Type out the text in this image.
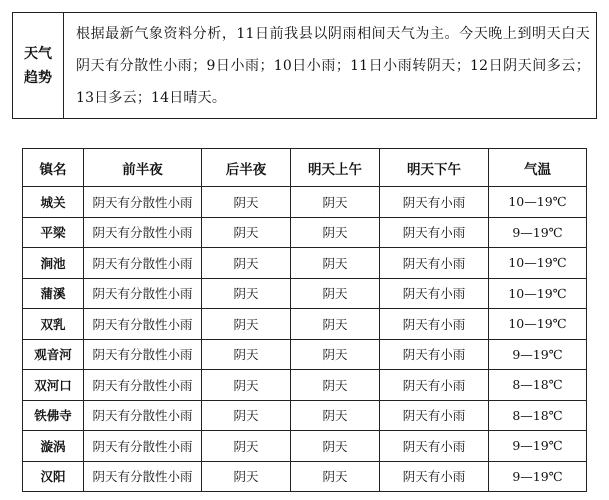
天气
趋势
	根据最新气象资料分析，11日前我县以阴雨相间天气为主。今天晚上到明天白天阴天有分散性小雨；9日小雨；10日小雨；11日小雨转阴天；12日阴天间多云；13日多云；14日晴天。
镇名	前半夜	后半夜	明天上午	明天下午	气温
城关	阴天有分散性小雨	阴天	阴天	阴天有小雨	10—19℃
平梁	阴天有分散性小雨	阴天	阴天	阴天有小雨	9—19℃
涧池	阴天有分散性小雨	阴天	阴天	阴天有小雨	10—19℃
蒲溪	阴天有分散性小雨	阴天	阴天	阴天有小雨	10—19℃
双乳	阴天有分散性小雨	阴天	阴天	阴天有小雨	10—19℃
观音河	阴天有分散性小雨	阴天	阴天	阴天有小雨	9—19℃
双河口	阴天有分散性小雨	阴天	阴天	阴天有小雨	8—18℃
铁佛寺	阴天有分散性小雨	阴天	阴天	阴天有小雨	8—18℃
漩涡	阴天有分散性小雨	阴天	阴天	阴天有小雨	9—19℃
汉阳	阴天有分散性小雨	阴天	阴天	阴天有小雨	9—19℃
